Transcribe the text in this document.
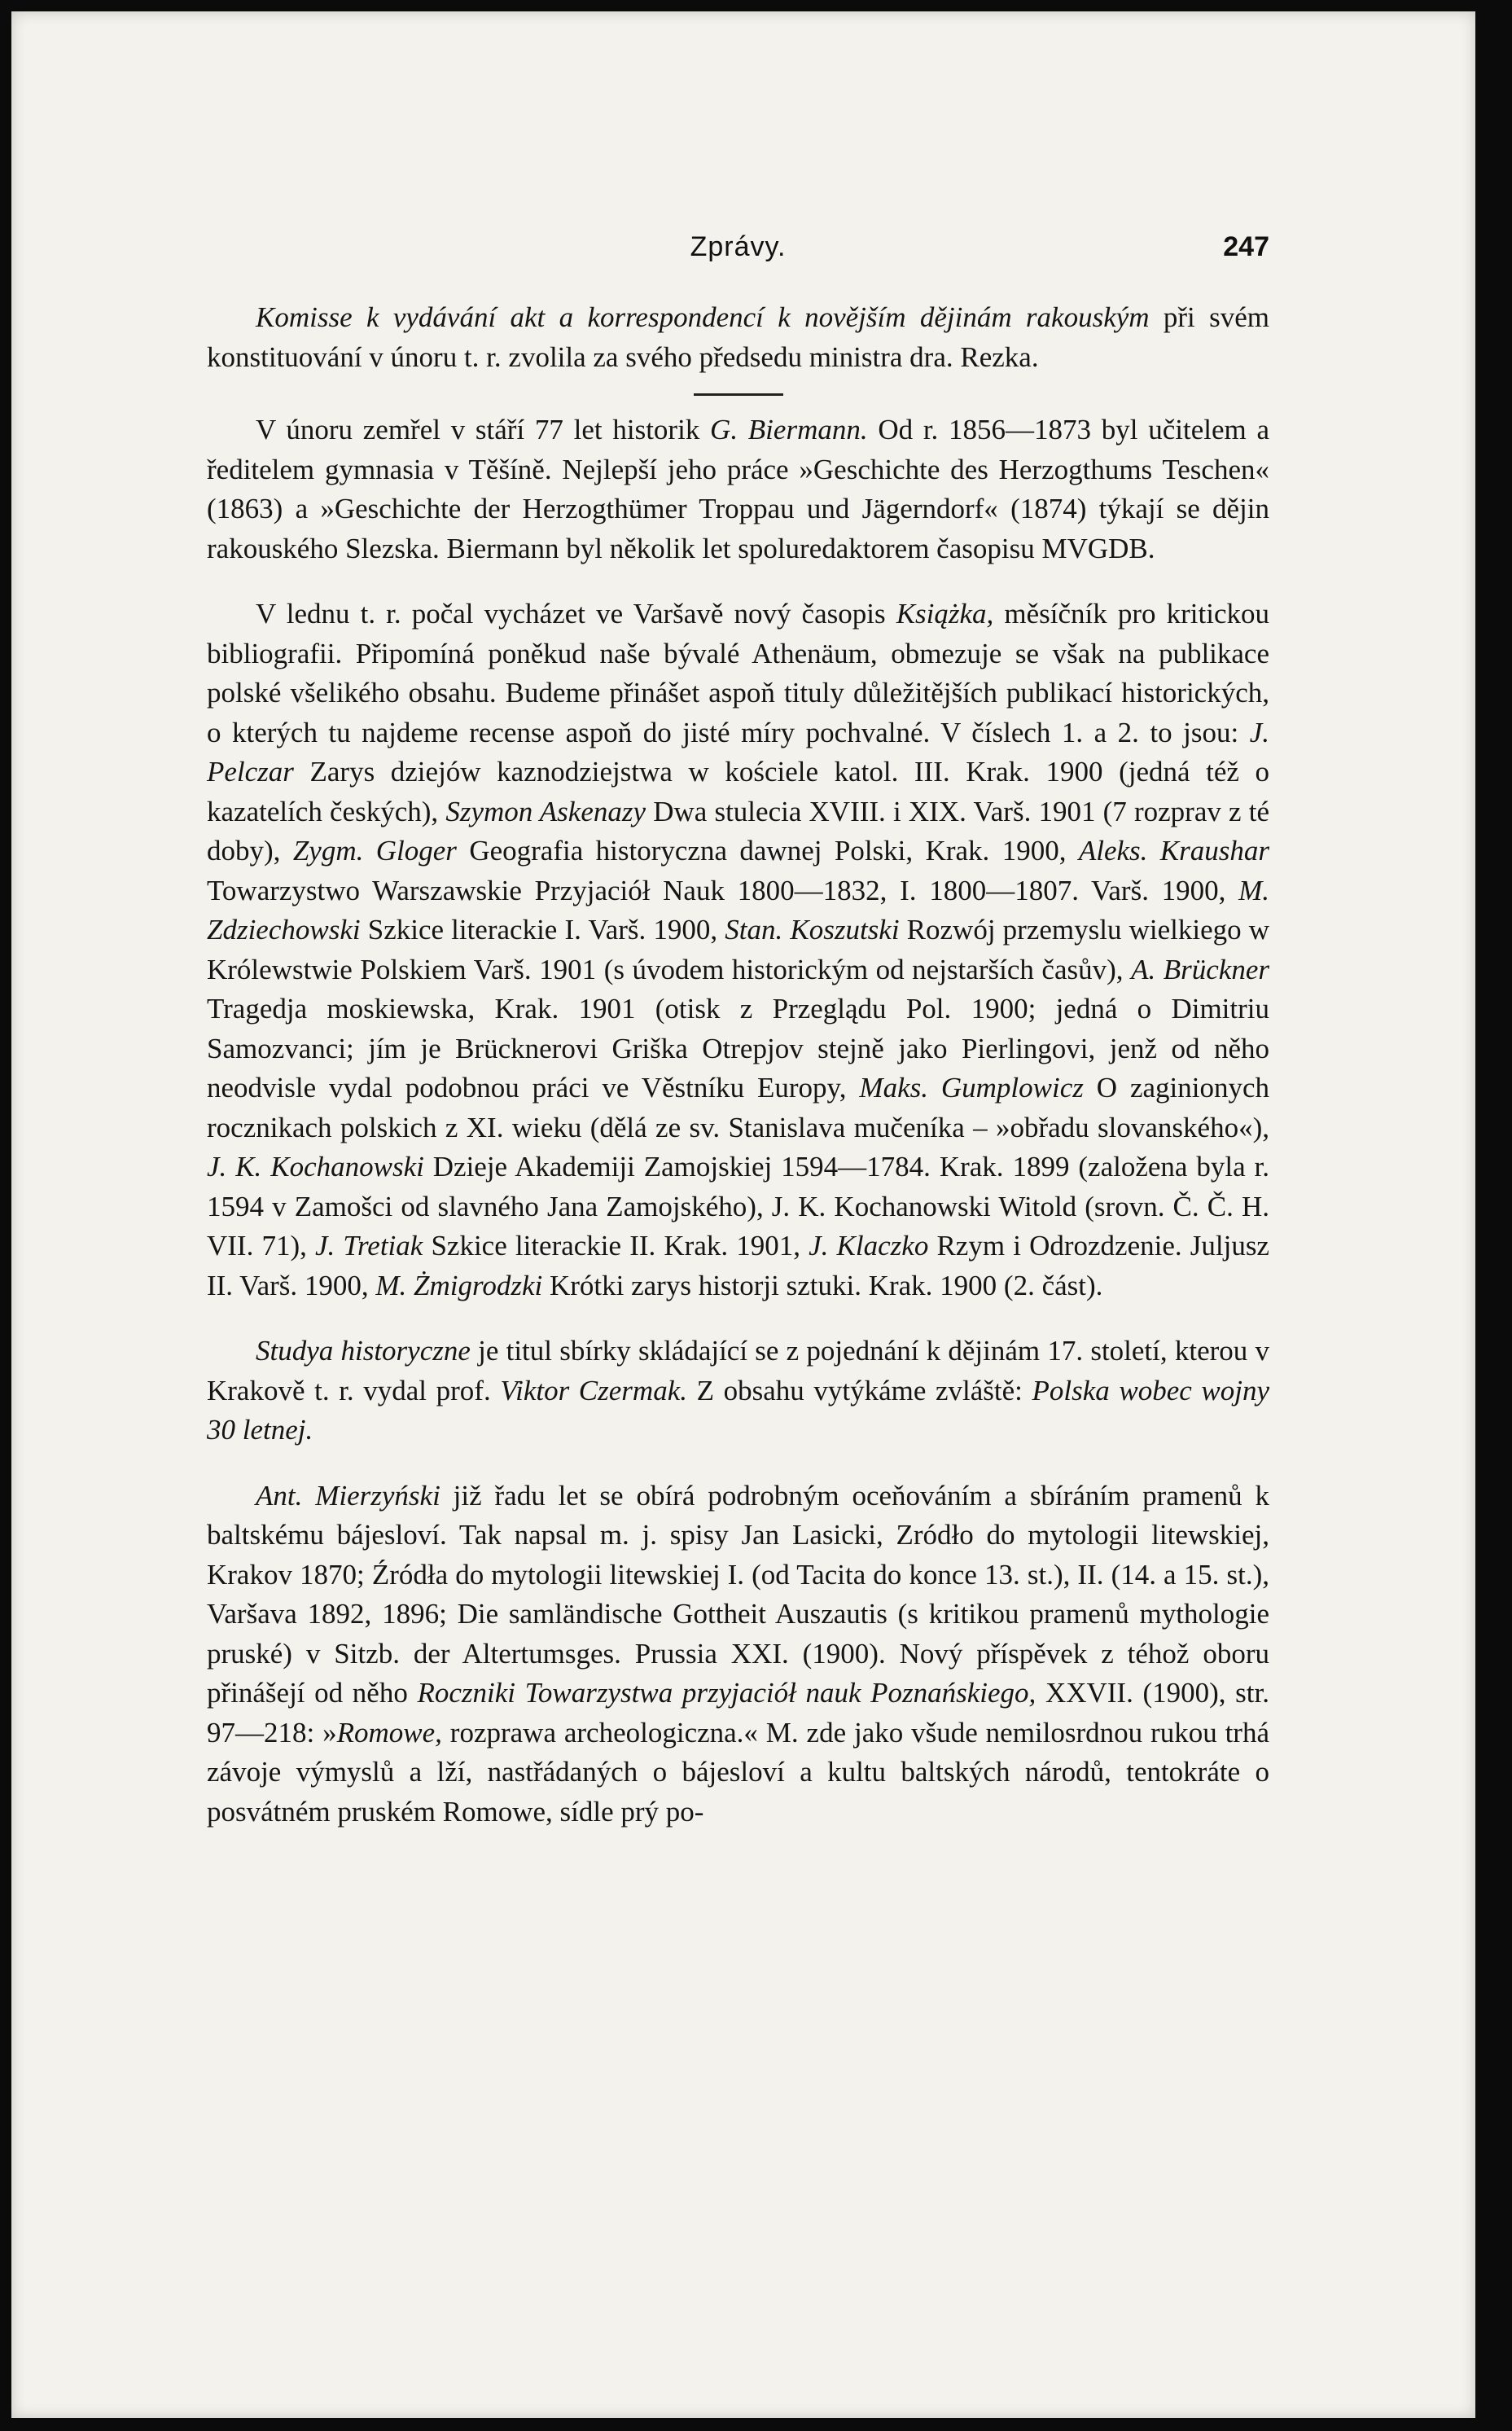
Zprávy.	247

Komisse k vydávání akt a korrespondencí k novějším dějinám rakouským při svém konstituování v únoru t. r. zvolila za svého předsedu ministra dra. Rezka.

V únoru zemřel v stáří 77 let historik G. Biermann. Od r. 1856—1873 byl učitelem a ředitelem gymnasia v Těšíně. Nejlepší jeho práce »Geschichte des Herzogthums Teschen« (1863) a »Geschichte der Herzogthümer Troppau und Jägerndorf« (1874) týkají se dějin rakouského Slezska. Biermann byl několik let spoluredaktorem časopisu MVGDB.

V lednu t. r. počal vycházet ve Varšavě nový časopis Książka, měsíčník pro kritickou bibliografii. Připomíná poněkud naše bývalé Athenäum, obmezuje se však na publikace polské všelikého obsahu. Budeme přinášet aspoň tituly důležitějších publikací historických, o kterých tu najdeme recense aspoň do jisté míry pochvalné. V číslech 1. a 2. to jsou: J. Pelczar Zarys dziejów kaznodziejstwa w kościele katol. III. Krak. 1900 (jedná též o kazatelích českých), Szymon Askenazy Dwa stulecia XVIII. i XIX. Varš. 1901 (7 rozprav z té doby), Zygm. Gloger Geografia historyczna dawnej Polski, Krak. 1900, Aleks. Kraushar Towarzystwo Warszawskie Przyjaciół Nauk 1800—1832, I. 1800—1807. Varš. 1900, M. Zdziechowski Szkice literackie I. Varš. 1900, Stan. Koszutski Rozwój przemyslu wielkiego w Królewstwie Polskiem Varš. 1901 (s úvodem historickým od nejstarších časův), A. Brückner Tragedja moskiewska, Krak. 1901 (otisk z Przeglądu Pol. 1900; jedná o Dimitriu Samozvanci; jím je Brücknerovi Griška Otrepjov stejně jako Pierlingovi, jenž od něho neodvisle vydal podobnou práci ve Věstníku Europy, Maks. Gumplowicz O zaginionych rocznikach polskich z XI. wieku (dělá ze sv. Stanislava mučeníka – »obřadu slovanského«), J. K. Kochanowski Dzieje Akademiji Zamojskiej 1594—1784. Krak. 1899 (založena byla r. 1594 v Zamošci od slavného Jana Zamojského), J. K. Kochanowski Witold (srovn. Č. Č. H. VII. 71), J. Tretiak Szkice literackie II. Krak. 1901, J. Klaczko Rzym i Odrozdzenie. Juljusz II. Varš. 1900, M. Żmigrodzki Krótki zarys historji sztuki. Krak. 1900 (2. část).

Studya historyczne je titul sbírky skládající se z pojednání k dějinám 17. století, kterou v Krakově t. r. vydal prof. Viktor Czermak. Z obsahu vytýkáme zvláště: Polska wobec wojny 30 letnej.

Ant. Mierzyński již řadu let se obírá podrobným oceňováním a sbíráním pramenů k baltskému bájesloví. Tak napsal m. j. spisy Jan Lasicki, Zródło do mytologii litewskiej, Krakov 1870; Źródła do mytologii litewskiej I. (od Tacita do konce 13. st.), II. (14. a 15. st.), Varšava 1892, 1896; Die samländische Gottheit Auszautis (s kritikou pramenů mythologie pruské) v Sitzb. der Altertumsges. Prussia XXI. (1900). Nový příspěvek z téhož oboru přinášejí od něho Roczniki Towarzystwa przyjaciół nauk Poznańskiego, XXVII. (1900), str. 97—218: »Romowe, rozprawa archeologiczna.« M. zde jako všude nemilosrdnou rukou trhá závoje výmyslů a lží, nastřádaných o bájesloví a kultu baltských národů, tentokráte o posvátném pruském Romowe, sídle prý po-
